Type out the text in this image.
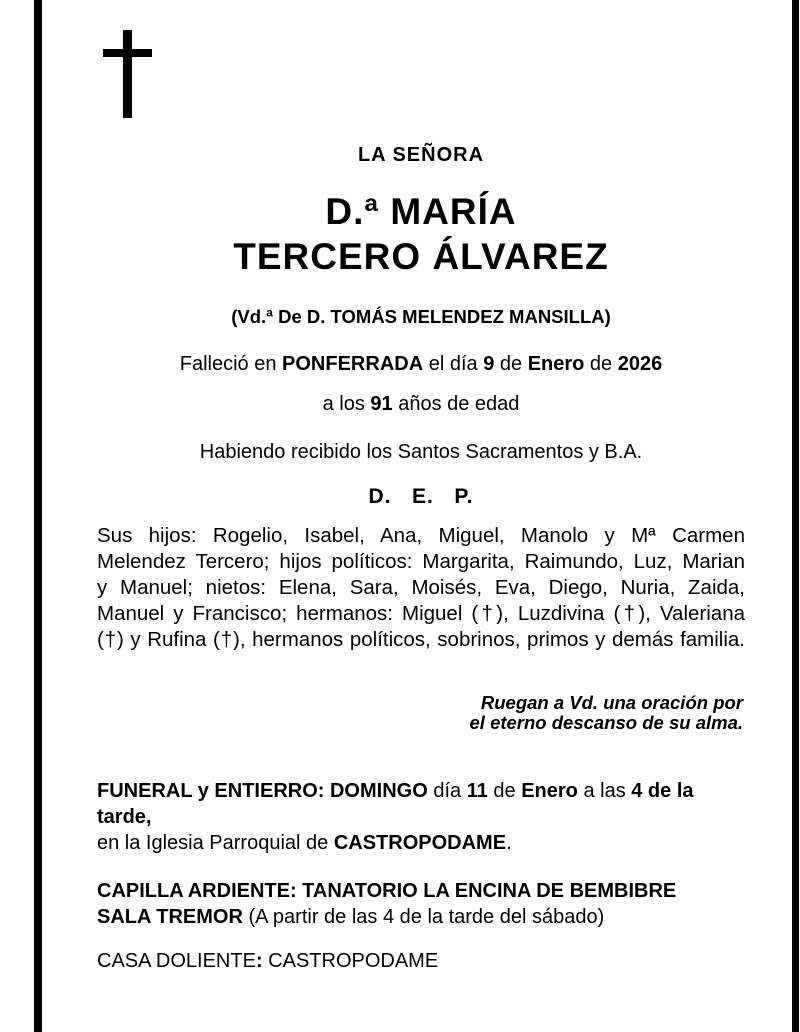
LA SEÑORA
D.ª MARÍA
TERCERO ÁLVAREZ
(Vd.ª De D. TOMÁS MELENDEZ MANSILLA)
Falleció en PONFERRADA el día 9 de Enero de 2026
a los 91 años de edad
Habiendo recibido los Santos Sacramentos y B.A.
D.   E.   P.
Sus hijos: Rogelio, Isabel, Ana, Miguel, Manolo y Mª Carmen
Melendez Tercero; hijos políticos: Margarita, Raimundo, Luz, Marian
y Manuel; nietos: Elena, Sara, Moisés, Eva, Diego, Nuria, Zaida,
Manuel y Francisco; hermanos: Miguel (†), Luzdivina (†), Valeriana
(†) y Rufina (†), hermanos políticos, sobrinos, primos y demás familia.
Ruegan a Vd. una oración por
el eterno descanso de su alma.
FUNERAL y ENTIERRO: DOMINGO día 11 de Enero a las 4 de la tarde,
en la Iglesia Parroquial de CASTROPODAME.
CAPILLA ARDIENTE: TANATORIO LA ENCINA DE BEMBIBRE
SALA TREMOR (A partir de las 4 de la tarde del sábado)
CASA DOLIENTE: CASTROPODAME
